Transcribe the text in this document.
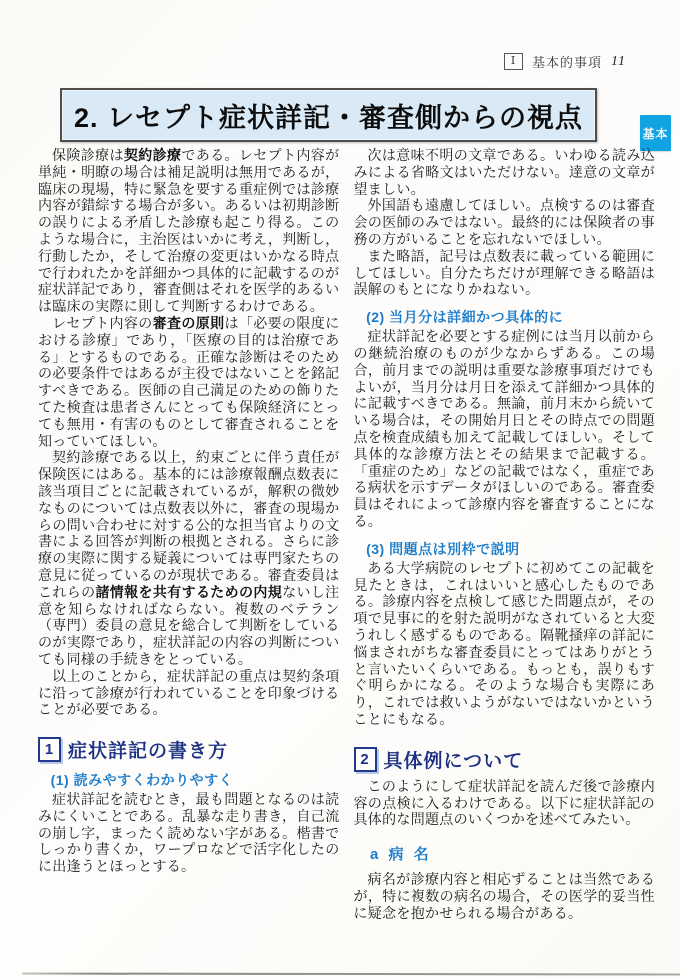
Ⅰ	基本的事項 11
2. レセプト症状詳記・審査側からの視点
基本

保険診療は契約診療である。レセプト内容が単純・明瞭の場合は補足説明は無用であるが，臨床の現場，特に緊急を要する重症例では診療内容が錯綜する場合が多い。あるいは初期診断の誤りによる矛盾した診療も起こり得る。このような場合に，主治医はいかに考え，判断し，行動したか，そして治療の変更はいかなる時点で行われたかを詳細かつ具体的に記載するのが症状詳記であり，審査側はそれを医学的あるいは臨床の実際に則して判断するわけである。

レセプト内容の審査の原則は「必要の限度における診療」であり，「医療の目的は治療である」とするものである。正確な診断はそのための必要条件ではあるが主役ではないことを銘記すべきである。医師の自己満足のための飾りたてた検査は患者さんにとっても保険経済にとっても無用・有害のものとして審査されることを知っていてほしい。

契約診療である以上，約束ごとに伴う責任が保険医にはある。基本的には診療報酬点数表に該当項目ごとに記載されているが，解釈の微妙なものについては点数表以外に，審査の現場からの問い合わせに対する公的な担当官よりの文書による回答が判断の根拠とされる。さらに診療の実際に関する疑義については専門家たちの意見に従っているのが現状である。審査委員はこれらの諸情報を共有するための内規ないし注意を知らなければならない。複数のベテラン（専門）委員の意見を総合して判断をしているのが実際であり，症状詳記の内容の判断についても同様の手続きをとっている。

以上のことから，症状詳記の重点は契約条項に沿って診療が行われていることを印象づけることが必要である。

1 症状詳記の書き方
(1) 読みやすくわかりやすく

症状詳記を読むとき，最も問題となるのは読みにくいことである。乱暴な走り書き，自己流の崩し字，まったく読めない字がある。楷書でしっかり書くか，ワープロなどで活字化したのに出逢うとほっとする。

次は意味不明の文章である。いわゆる読み込みによる省略文はいただけない。達意の文章が望ましい。

外国語も遠慮してほしい。点検するのは審査会の医師のみではない。最終的には保険者の事務の方がいることを忘れないでほしい。

また略語，記号は点数表に載っている範囲にしてほしい。自分たちだけが理解できる略語は誤解のもとになりかねない。

(2) 当月分は詳細かつ具体的に

症状詳記を必要とする症例には当月以前からの継続治療のものが少なからずある。この場合，前月までの説明は重要な診療事項だけでもよいが，当月分は月日を添えて詳細かつ具体的に記載すべきである。無論，前月末から続いている場合は，その開始月日とその時点での問題点を検査成績も加えて記載してほしい。そして具体的な診療方法とその結果まで記載する。「重症のため」などの記載ではなく，重症である病状を示すデータがほしいのである。審査委員はそれによって診療内容を審査することになる。

(3) 問題点は別枠で説明

ある大学病院のレセプトに初めてこの記載を見たときは，これはいいと感心したものである。診療内容を点検して感じた問題点が，その項で見事に的を射た説明がなされていると大変うれしく感ずるものである。隔靴掻痒の詳記に悩まされがちな審査委員にとってはありがとうと言いたいくらいである。もっとも，誤りもすぐ明らかになる。そのような場合も実際にあり，これでは救いようがないではないかということにもなる。

2 具体例について

このようにして症状詳記を読んだ後で診療内容の点検に入るわけである。以下に症状詳記の具体的な問題点のいくつかを述べてみたい。

a 病 名

病名が診療内容と相応ずることは当然であるが，特に複数の病名の場合，その医学的妥当性に疑念を抱かせられる場合がある。
